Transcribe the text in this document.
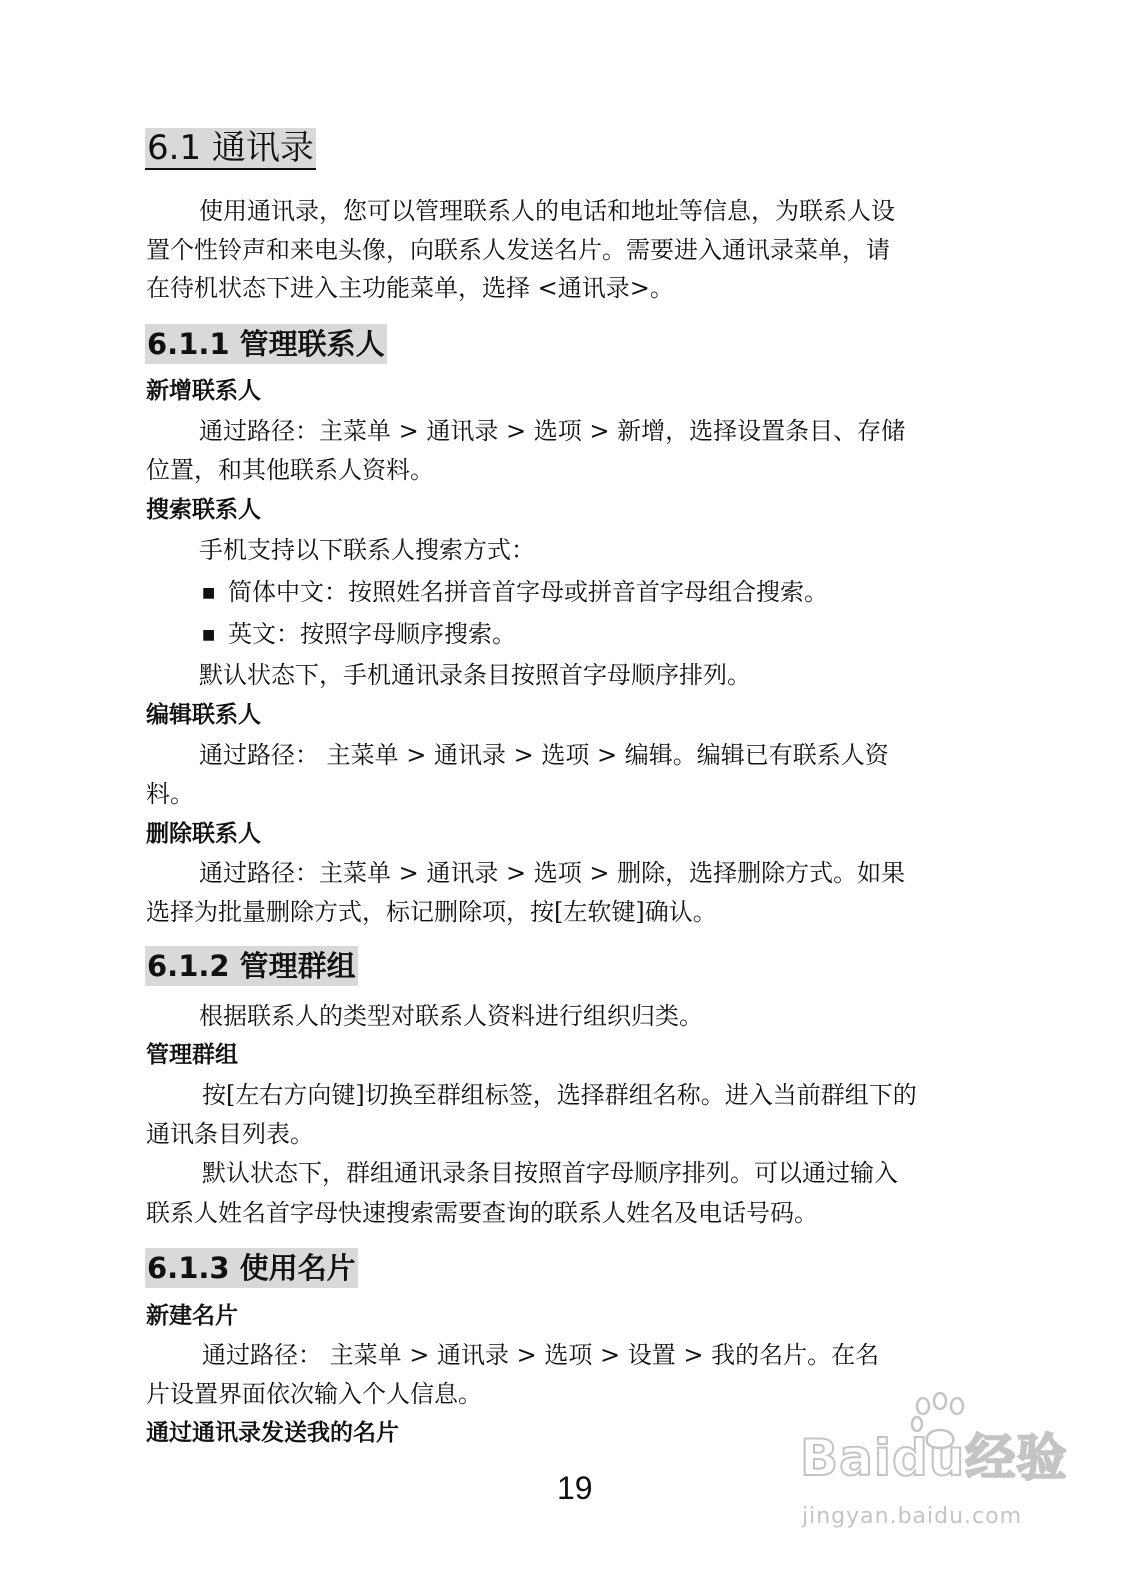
6.1 通讯录
使用通讯录，您可以管理联系人的电话和地址等信息，为联系人设
置个性铃声和来电头像，向联系人发送名片。需要进入通讯录菜单，请
在待机状态下进入主功能菜单，选择 <通讯录>。
6.1.1 管理联系人
新增联系人
通过路径：主菜单 > 通讯录 > 选项 > 新增，选择设置条目、存储
位置，和其他联系人资料。
搜索联系人
手机支持以下联系人搜索方式：
■ 简体中文：按照姓名拼音首字母或拼音首字母组合搜索。
■ 英文：按照字母顺序搜索。
默认状态下，手机通讯录条目按照首字母顺序排列。
编辑联系人
通过路径： 主菜单 > 通讯录 > 选项 > 编辑。编辑已有联系人资
料。
删除联系人
通过路径：主菜单 > 通讯录 > 选项 > 删除，选择删除方式。如果
选择为批量删除方式，标记删除项，按[左软键]确认。
6.1.2 管理群组
根据联系人的类型对联系人资料进行组织归类。
管理群组
按[左右方向键]切换至群组标签，选择群组名称。进入当前群组下的
通讯条目列表。
默认状态下，群组通讯录条目按照首字母顺序排列。可以通过输入
联系人姓名首字母快速搜索需要查询的联系人姓名及电话号码。
6.1.3 使用名片
新建名片
通过路径： 主菜单 > 通讯录 > 选项 > 设置 > 我的名片。在名
片设置界面依次输入个人信息。
通过通讯录发送我的名片
19
Baidu经验
jingyan.baidu.com
